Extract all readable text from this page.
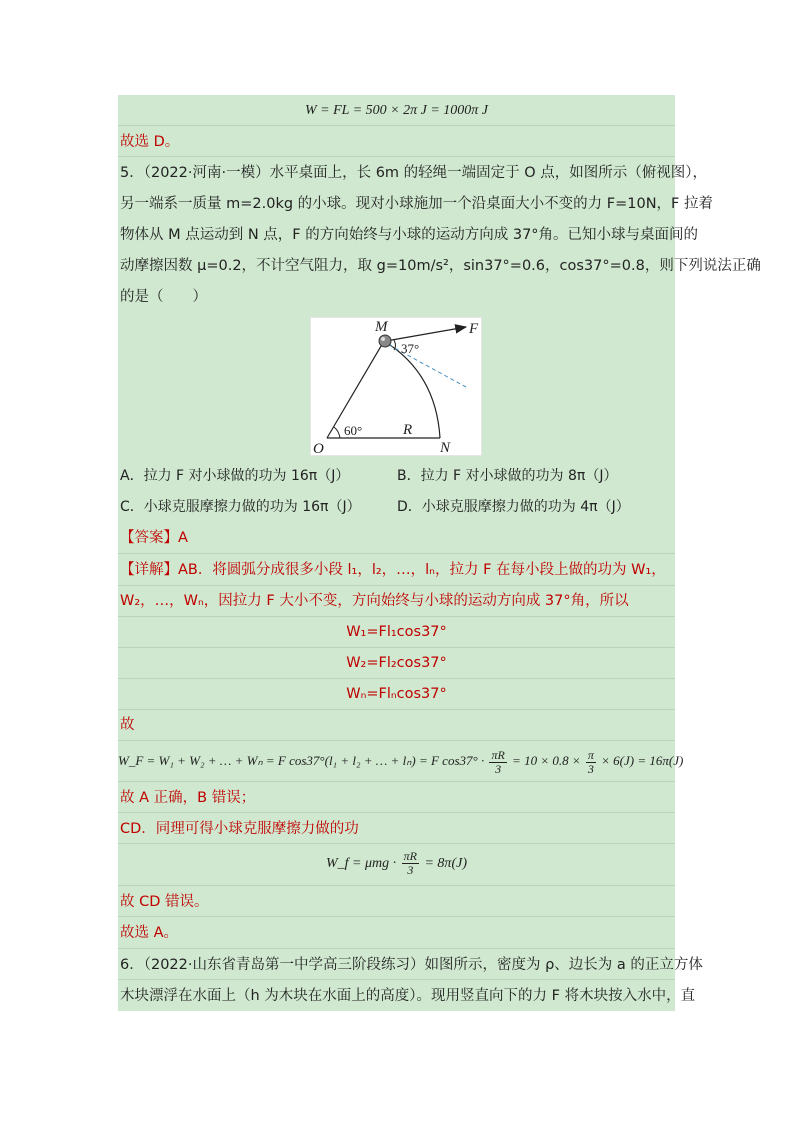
W = FL = 500 × 2π J = 1000π J
故选 D。
5．（2022·河南·一模）水平桌面上，长 6m 的轻绳一端固定于 O 点，如图所示（俯视图），
另一端系一质量 m=2.0kg 的小球。现对小球施加一个沿桌面大小不变的力 F=10N，F 拉着
物体从 M 点运动到 N 点，F 的方向始终与小球的运动方向成 37°角。已知小球与桌面间的
动摩擦因数 μ=0.2，不计空气阻力，取 g=10m/s²，sin37°=0.6，cos37°=0.8，则下列说法正确
的是（　　）
M	F
O	N
R
37°
60°
A．拉力 F 对小球做的功为 16π（J）	B．拉力 F 对小球做的功为 8π（J）
C．小球克服摩擦力做的功为 16π（J）	D．小球克服摩擦力做的功为 4π（J）
【答案】A
【详解】AB．将圆弧分成很多小段 l₁，l₂，…，lₙ，拉力 F 在每小段上做的功为 W₁，
W₂，…，Wₙ，因拉力 F 大小不变，方向始终与小球的运动方向成 37°角，所以
W₁=Fl₁cos37°
W₂=Fl₂cos37°
Wₙ=Flₙcos37°
故
W_F = W₁ + W₂ + … + Wₙ = F cos37°(l₁ + l₂ + … + lₙ) = F $\cos 37^\circ \cdot \frac{\pi R}{3} = 10 \times 0.8 \times \frac{\pi}{3} \times 6(J) = 16\pi(J)$
故 A 正确，B 错误；
CD．同理可得小球克服摩擦力做的功
W_f = $\mu mg \cdot \frac{\pi R}{3} = 8\pi(J)$
故 CD 错误。
故选 A。
6．（2022·山东省青岛第一中学高三阶段练习）如图所示，密度为 ρ、边长为 a 的正立方体
木块漂浮在水面上（h 为木块在水面上的高度）。现用竖直向下的力 F 将木块按入水中，直
